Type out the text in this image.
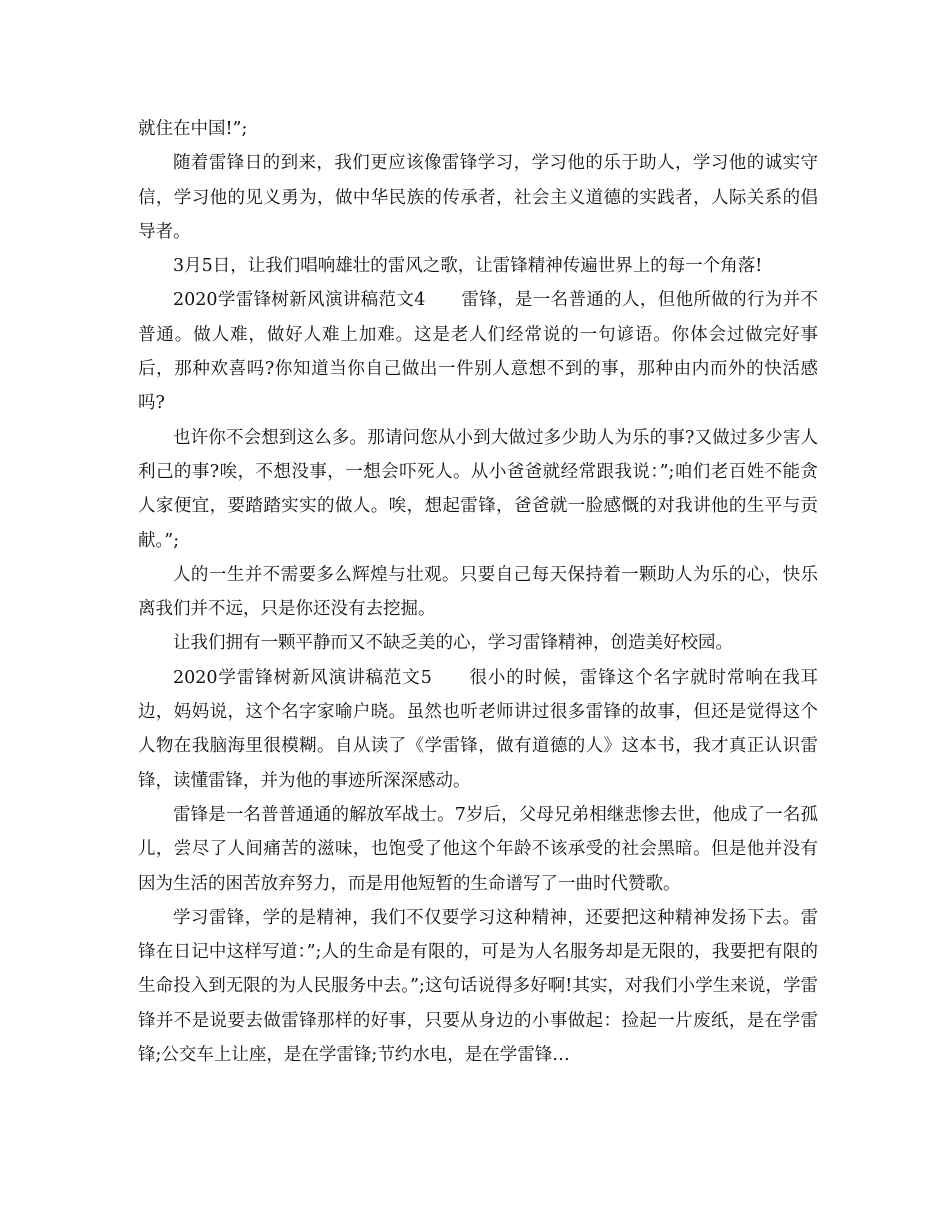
就住在中国!”;

随着雷锋日的到来，我们更应该像雷锋学习，学习他的乐于助人，学习他的诚实守信，学习他的见义勇为，做中华民族的传承者，社会主义道德的实践者，人际关系的倡导者。

3月5日，让我们唱响雄壮的雷风之歌，让雷锋精神传遍世界上的每一个角落!

2020学雷锋树新风演讲稿范文4　　雷锋，是一名普通的人，但他所做的行为并不普通。做人难，做好人难上加难。这是老人们经常说的一句谚语。你体会过做完好事后，那种欢喜吗?你知道当你自己做出一件别人意想不到的事，那种由内而外的快活感吗?

也许你不会想到这么多。那请问您从小到大做过多少助人为乐的事?又做过多少害人利己的事?唉，不想没事，一想会吓死人。从小爸爸就经常跟我说：”;咱们老百姓不能贪人家便宜，要踏踏实实的做人。唉，想起雷锋，爸爸就一脸感慨的对我讲他的生平与贡献。”;

人的一生并不需要多么辉煌与壮观。只要自己每天保持着一颗助人为乐的心，快乐离我们并不远，只是你还没有去挖掘。

让我们拥有一颗平静而又不缺乏美的心，学习雷锋精神，创造美好校园。

2020学雷锋树新风演讲稿范文5　　很小的时候，雷锋这个名字就时常响在我耳边，妈妈说，这个名字家喻户晓。虽然也听老师讲过很多雷锋的故事，但还是觉得这个人物在我脑海里很模糊。自从读了《学雷锋，做有道德的人》这本书，我才真正认识雷锋，读懂雷锋，并为他的事迹所深深感动。

雷锋是一名普普通通的解放军战士。7岁后，父母兄弟相继悲惨去世，他成了一名孤儿，尝尽了人间痛苦的滋味，也饱受了他这个年龄不该承受的社会黑暗。但是他并没有因为生活的困苦放弃努力，而是用他短暂的生命谱写了一曲时代赞歌。

学习雷锋，学的是精神，我们不仅要学习这种精神，还要把这种精神发扬下去。雷锋在日记中这样写道：”;人的生命是有限的，可是为人名服务却是无限的，我要把有限的生命投入到无限的为人民服务中去。”;这句话说得多好啊!其实，对我们小学生来说，学雷锋并不是说要去做雷锋那样的好事，只要从身边的小事做起：捡起一片废纸，是在学雷锋;公交车上让座，是在学雷锋;节约水电，是在学雷锋…
